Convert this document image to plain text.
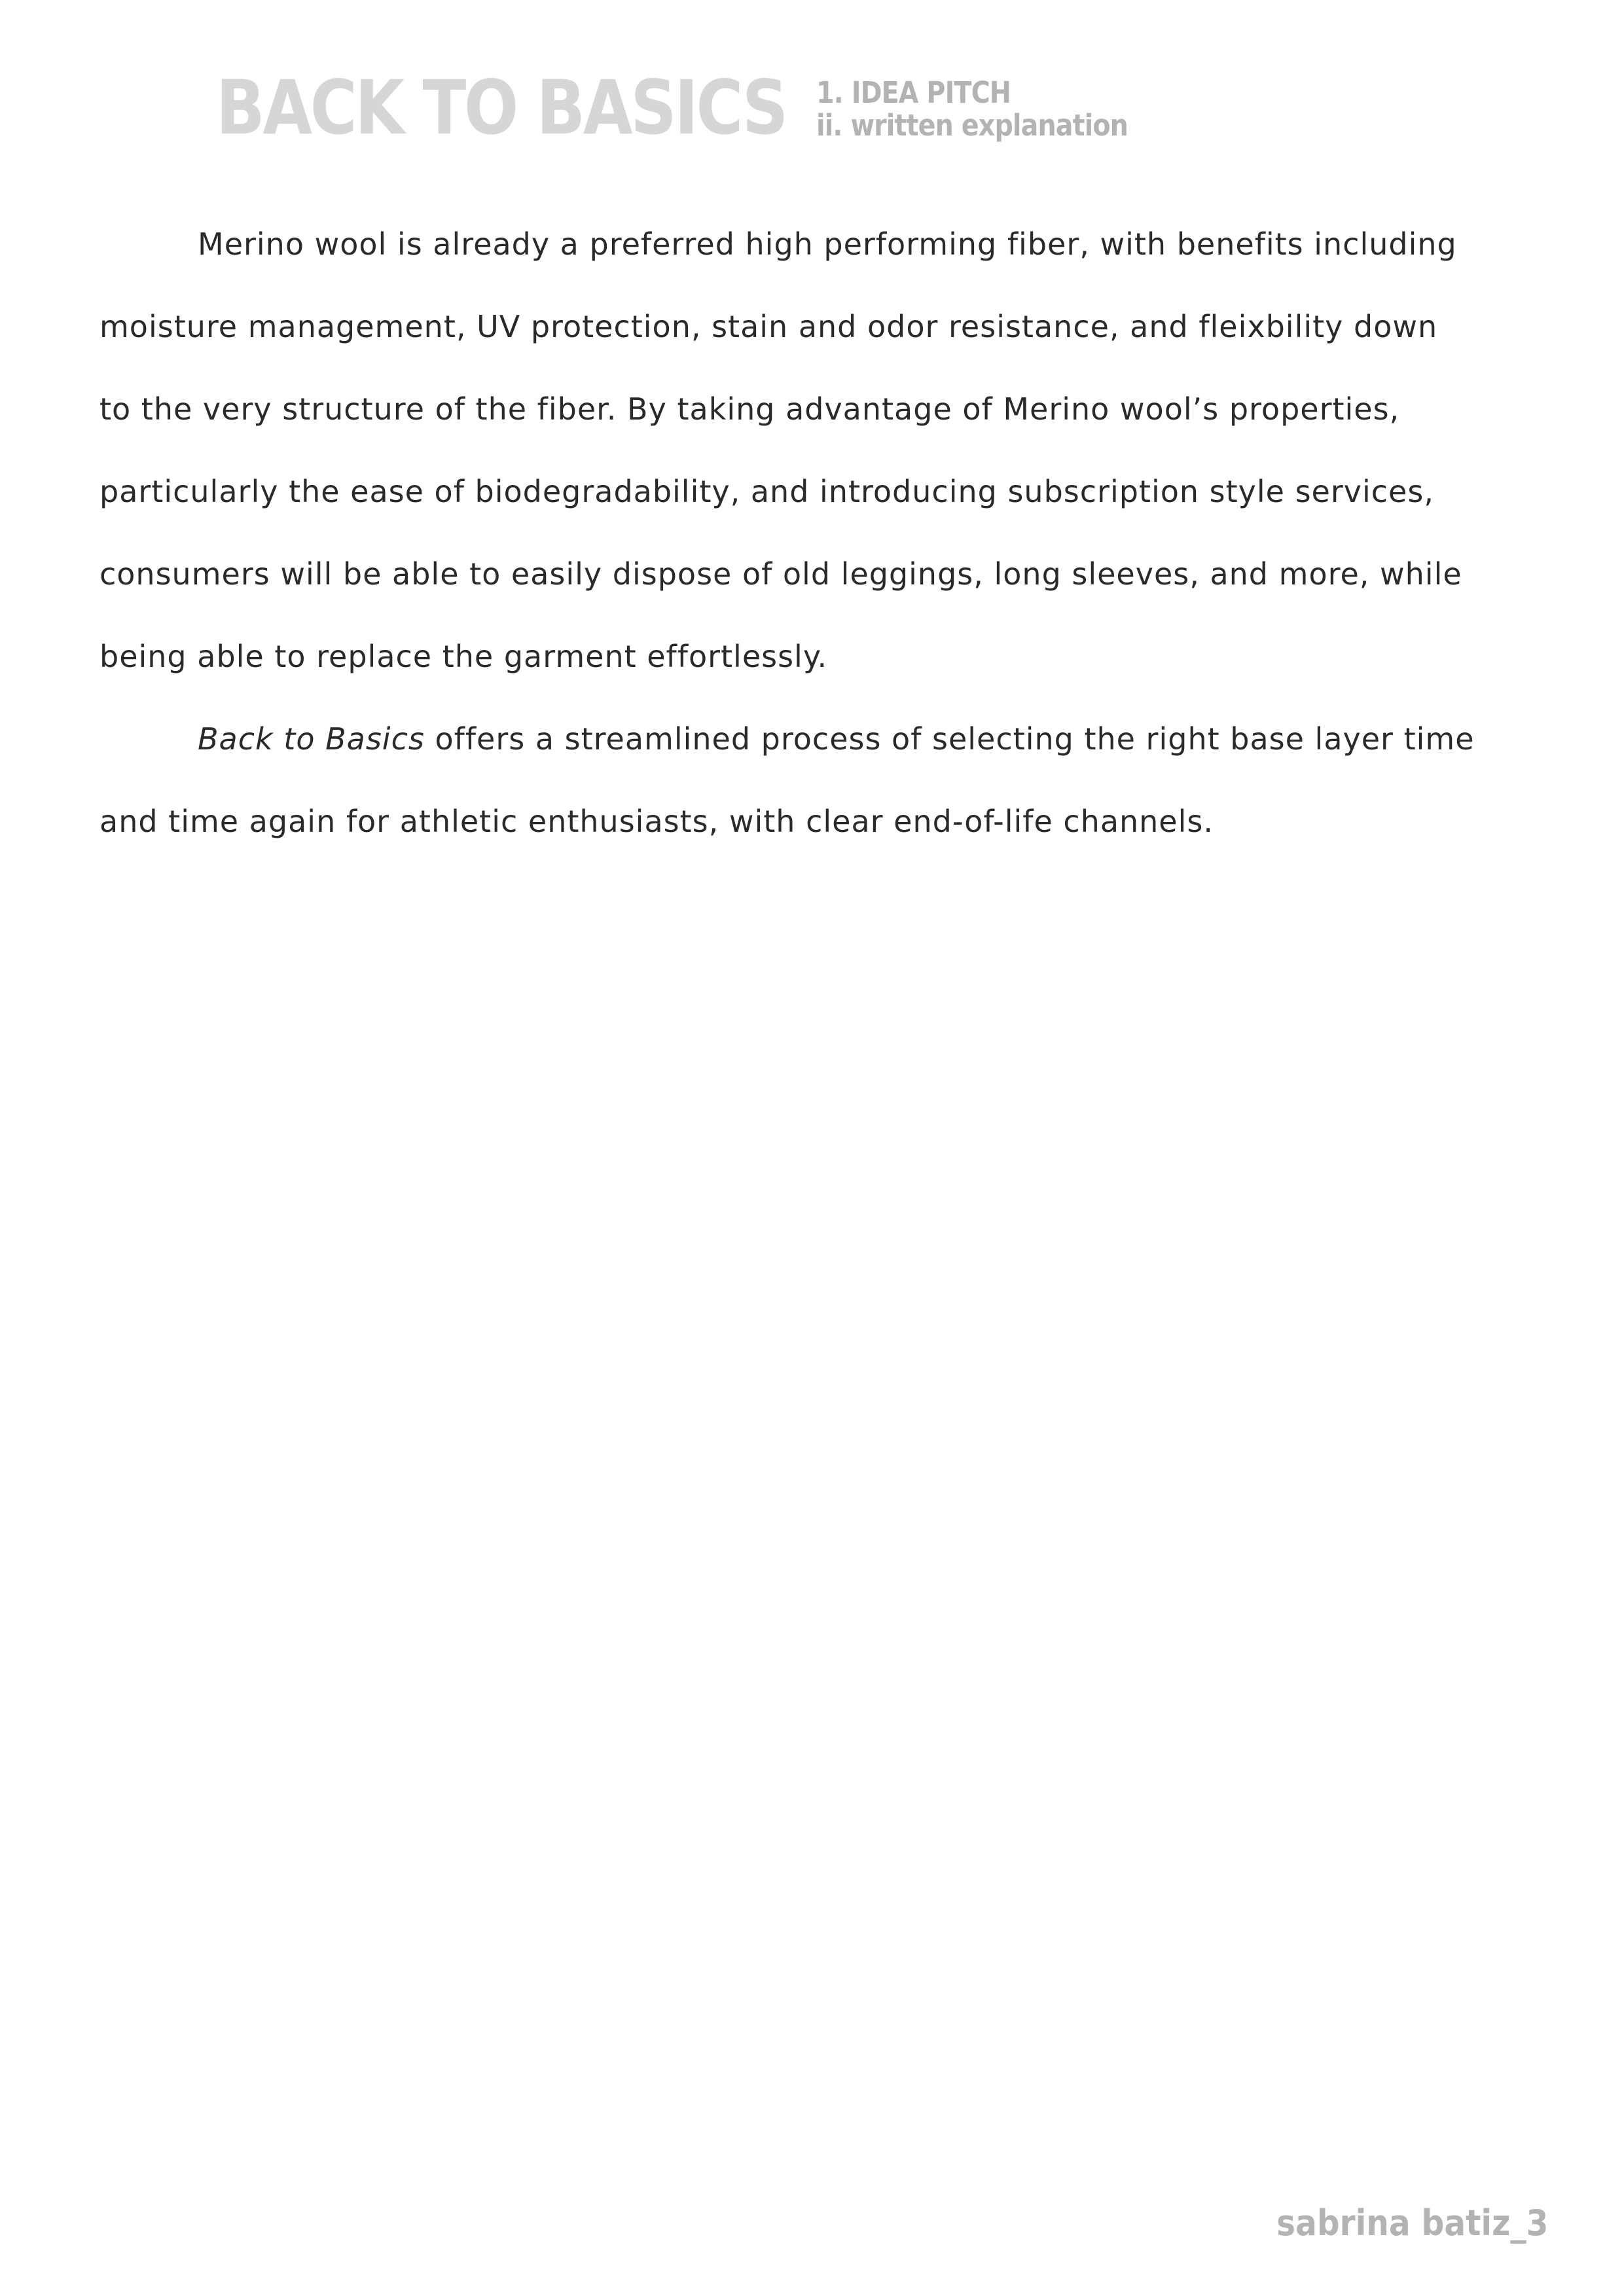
BACK TO BASICS 1. IDEA PITCH
ii. written explanation

Merino wool is already a preferred high performing fiber, with benefits including
moisture management, UV protection, stain and odor resistance, and fleixbility down
to the very structure of the fiber. By taking advantage of Merino wool’s properties,
particularly the ease of biodegradability, and introducing subscription style services,
consumers will be able to easily dispose of old leggings, long sleeves, and more, while
being able to replace the garment effortlessly.

Back to Basics offers a streamlined process of selecting the right base layer time
and time again for athletic enthusiasts, with clear end-of-life channels.

sabrina batiz_3
